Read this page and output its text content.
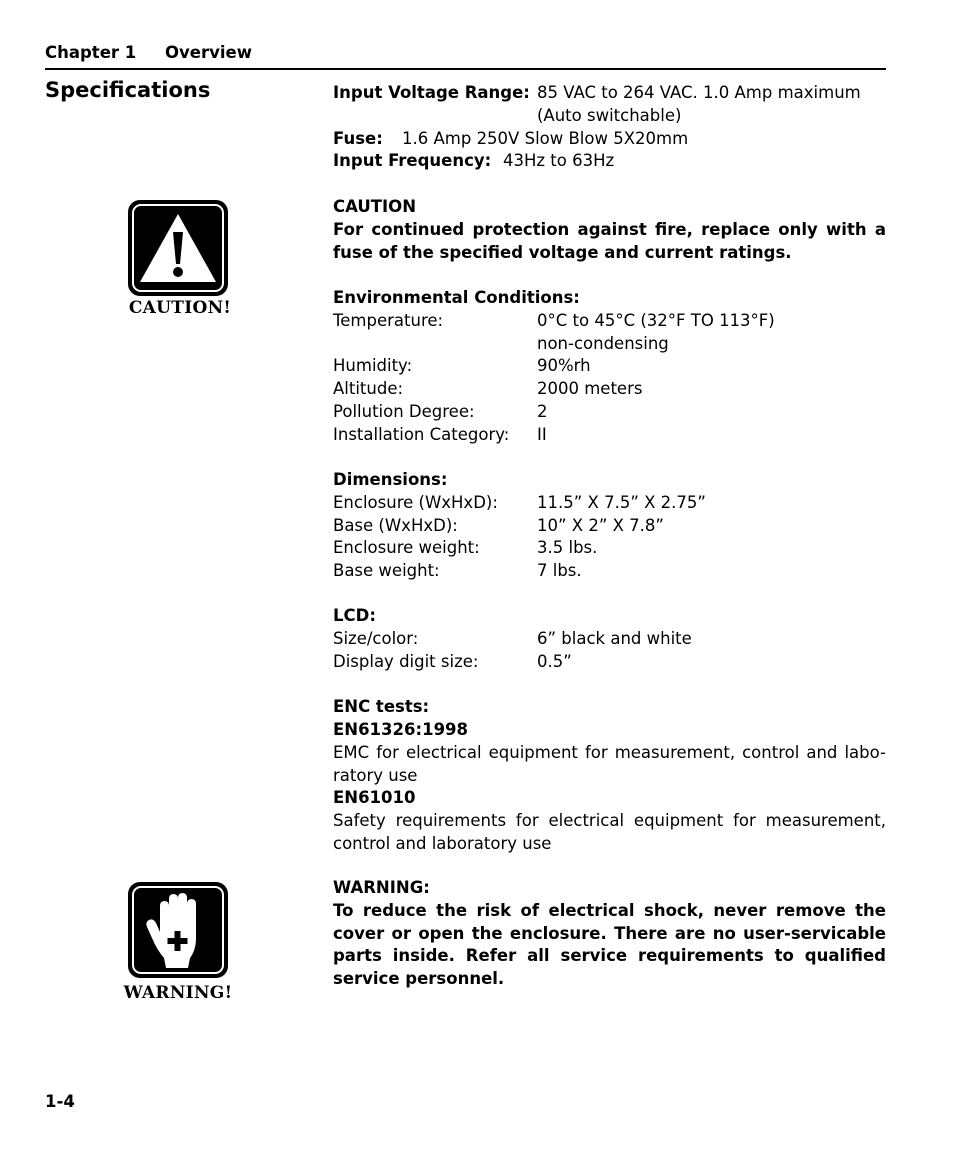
Chapter 1 Overview
Specifications	Input Voltage Range: 85 VAC to 264 VAC. 1.0 Amp maximum
(Auto switchable)
Fuse: 1.6 Amp 250V Slow Blow 5X20mm
Input Frequency: 43Hz to 63Hz
CAUTION!
CAUTION
For continued protection against fire, replace only with a fuse of the specified voltage and current ratings.
Environmental Conditions:
Temperature:	0°C to 45°C (32°F TO 113°F)
non-condensing
Humidity:	90%rh
Altitude:	2000 meters
Pollution Degree:	2
Installation Category: II
Dimensions:
Enclosure (WxHxD): 11.5” X 7.5” X 2.75”
Base (WxHxD):	10” X 2” X 7.8”
Enclosure weight:	3.5 lbs.
Base weight:	7 lbs.
LCD:
Size/color:	6” black and white
Display digit size:	0.5”
ENC tests:
EN61326:1998
EMC for electrical equipment for measurement, control and labo-ratory use
EN61010
Safety requirements for electrical equipment for measurement, control and laboratory use
WARNING!
WARNING:
To reduce the risk of electrical shock, never remove the cover or open the enclosure. There are no user-servicable parts inside. Refer all service requirements to qualified service personnel.
1-4
